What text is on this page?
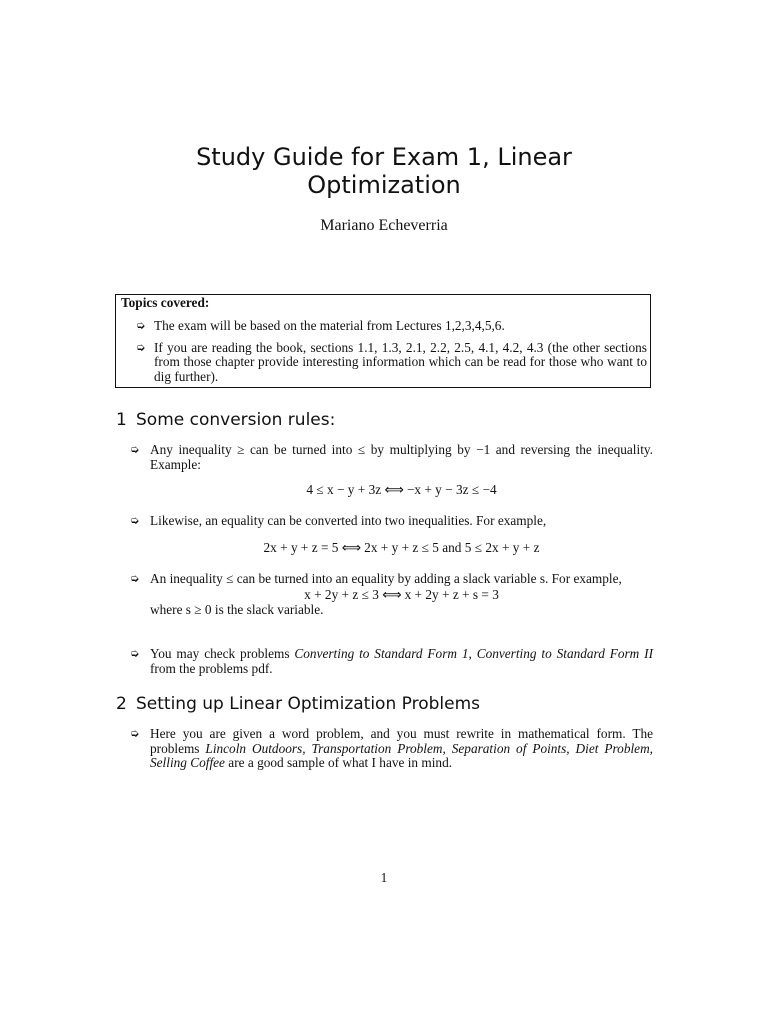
Study Guide for Exam 1, Linear Optimization
Mariano Echeverria
Topics covered:
➭ The exam will be based on the material from Lectures 1,2,3,4,5,6.
➭ If you are reading the book, sections 1.1, 1.3, 2.1, 2.2, 2.5, 4.1, 4.2, 4.3 (the other sections from those chapter provide interesting information which can be read for those who want to dig further).
1 Some conversion rules:
➭ Any inequality ≥ can be turned into ≤ by multiplying by −1 and reversing the inequality. Example:
4 ≤ x − y + 3z ⟺ −x + y − 3z ≤ −4
➭ Likewise, an equality can be converted into two inequalities. For example,
2x + y + z = 5 ⟺ 2x + y + z ≤ 5 and 5 ≤ 2x + y + z
➭ An inequality ≤ can be turned into an equality by adding a slack variable s. For example,
x + 2y + z ≤ 3 ⟺ x + 2y + z + s = 3
where s ≥ 0 is the slack variable.
➭ You may check problems Converting to Standard Form 1, Converting to Standard Form II from the problems pdf.
2 Setting up Linear Optimization Problems
➭ Here you are given a word problem, and you must rewrite in mathematical form. The problems Lincoln Outdoors, Transportation Problem, Separation of Points, Diet Problem, Selling Coffee are a good sample of what I have in mind.
1
